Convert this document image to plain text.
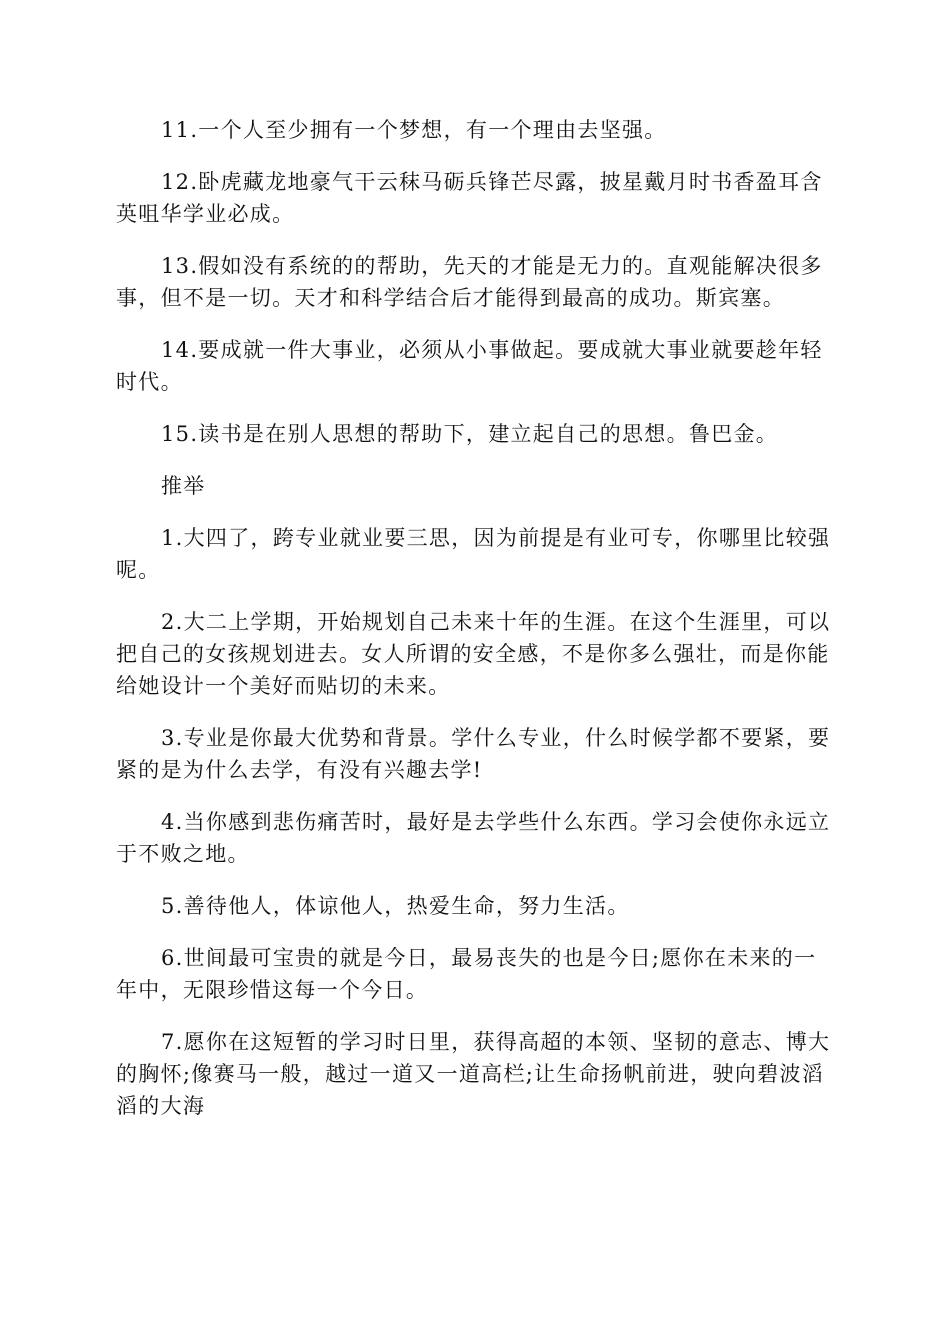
11.一个人至少拥有一个梦想，有一个理由去坚强。

12.卧虎藏龙地豪气干云秣马砺兵锋芒尽露，披星戴月时书香盈耳含英咀华学业必成。

13.假如没有系统的的帮助，先天的才能是无力的。直观能解决很多事，但不是一切。天才和科学结合后才能得到最高的成功。斯宾塞。

14.要成就一件大事业，必须从小事做起。要成就大事业就要趁年轻时代。

15.读书是在别人思想的帮助下，建立起自己的思想。鲁巴金。

推举

1.大四了，跨专业就业要三思，因为前提是有业可专，你哪里比较强呢。

2.大二上学期，开始规划自己未来十年的生涯。在这个生涯里，可以把自己的女孩规划进去。女人所谓的安全感，不是你多么强壮，而是你能给她设计一个美好而贴切的未来。

3.专业是你最大优势和背景。学什么专业，什么时候学都不要紧，要紧的是为什么去学，有没有兴趣去学!

4.当你感到悲伤痛苦时，最好是去学些什么东西。学习会使你永远立于不败之地。

5.善待他人，体谅他人，热爱生命，努力生活。

6.世间最可宝贵的就是今日，最易丧失的也是今日;愿你在未来的一年中，无限珍惜这每一个今日。

7.愿你在这短暂的学习时日里，获得高超的本领、坚韧的意志、博大的胸怀;像赛马一般，越过一道又一道高栏;让生命扬帆前进，驶向碧波滔滔的大海
